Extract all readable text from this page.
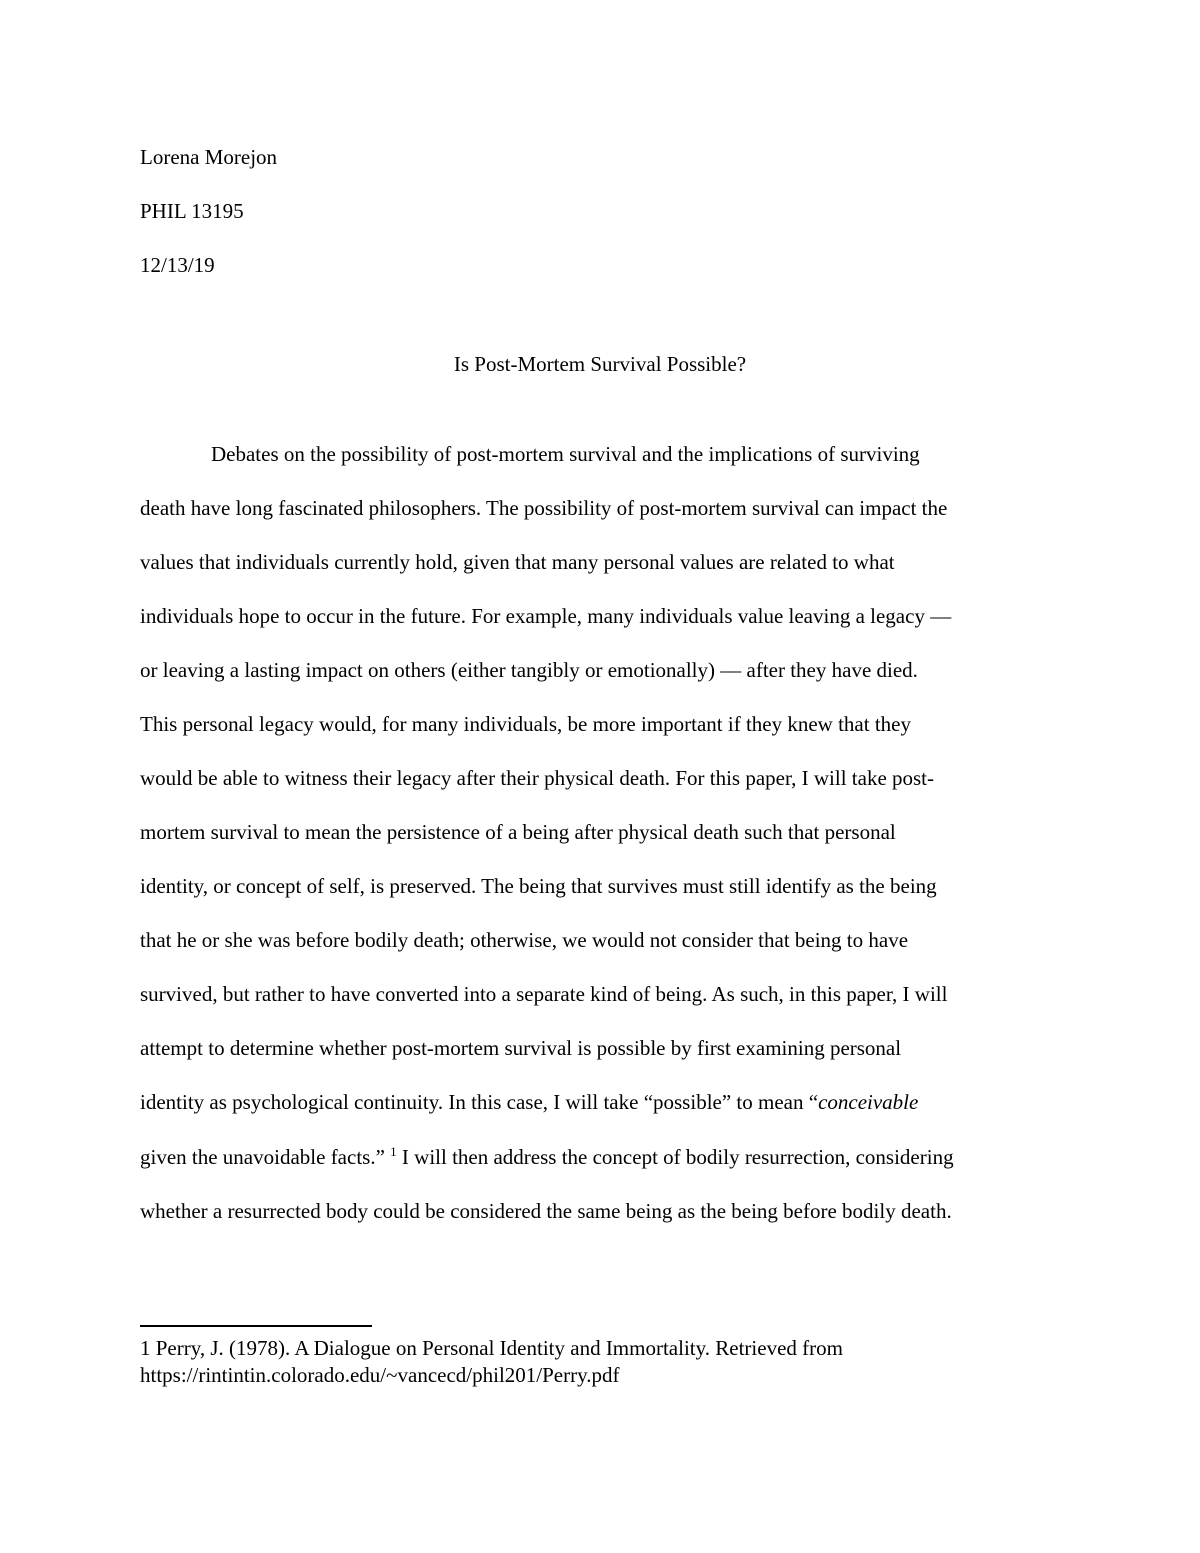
Lorena Morejon
PHIL 13195
12/13/19
Is Post-Mortem Survival Possible?
Debates on the possibility of post-mortem survival and the implications of surviving
death have long fascinated philosophers. The possibility of post-mortem survival can impact the
values that individuals currently hold, given that many personal values are related to what
individuals hope to occur in the future. For example, many individuals value leaving a legacy —
or leaving a lasting impact on others (either tangibly or emotionally) — after they have died.
This personal legacy would, for many individuals, be more important if they knew that they
would be able to witness their legacy after their physical death. For this paper, I will take post-
mortem survival to mean the persistence of a being after physical death such that personal
identity, or concept of self, is preserved. The being that survives must still identify as the being
that he or she was before bodily death; otherwise, we would not consider that being to have
survived, but rather to have converted into a separate kind of being. As such, in this paper, I will
attempt to determine whether post-mortem survival is possible by first examining personal
identity as psychological continuity. In this case, I will take “possible” to mean “conceivable
given the unavoidable facts.” $^1$ I will then address the concept of bodily resurrection, considering
whether a resurrected body could be considered the same being as the being before bodily death.
1 Perry, J. (1978). A Dialogue on Personal Identity and Immortality. Retrieved from
https://rintintin.colorado.edu/~vancecd/phil201/Perry.pdf
